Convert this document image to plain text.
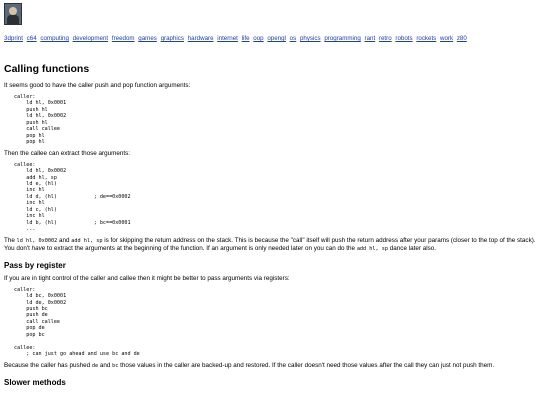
3dprint c64 computing development freedom games graphics hardware internet life oop opengl os physics programming rant retro robots rockets work z80
Calling functions

It seems good to have the caller push and pop function arguments:

caller:
ld hl, 0x0001
push hl
ld hl, 0x0002
push hl
call callee
pop hl
pop hl

Then the callee can extract those arguments:

callee:
ld hl, 0x0002
add hl, sp
ld e, (hl)
inc hl
ld d, (hl)            ; de==0x0002
inc hl
ld c, (hl)
inc hl
ld b, (hl)            ; bc==0x0001
...

The ld hl, 0x0002 and add hl, sp is for skipping the return address on the stack. This is because the "call" itself will push the return address after your params (closer to the top of the stack). You don't have to extract the arguments at the beginning of the function. If an argument is only needed later on you can do the add hl, sp dance later also.

Pass by register

If you are in tight control of the caller and callee then it might be better to pass arguments via registers:

caller:
ld bc, 0x0001
ld de, 0x0002
push bc
push de
call callee
pop de
pop bc

callee:
; can just go ahead and use bc and de

Because the caller has pushed de and bc those values in the caller are backed-up and restored. If the caller doesn't need those values after the call they can just not push them.

Slower methods
